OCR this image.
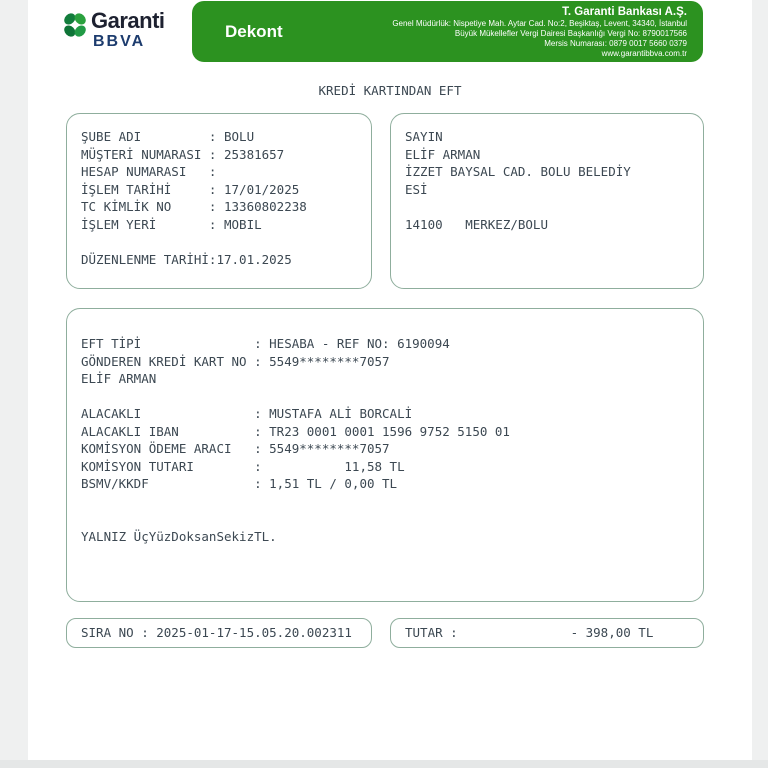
Garanti
BBVA
Dekont
T. Garanti Bankası A.Ş.
Genel Müdürlük: Nispetiye Mah. Aytar Cad. No:2, Beşiktaş, Levent, 34340, İstanbul
Büyük Mükellefler Vergi Dairesi Başkanlığı Vergi No: 8790017566
Mersis Numarası: 0879 0017 5660 0379
www.garantibbva.com.tr
KREDİ KARTINDAN EFT
ŞUBE ADI         : BOLU
MÜŞTERİ NUMARASI : 25381657
HESAP NUMARASI   :
İŞLEM TARİHİ     : 17/01/2025
TC KİMLİK NO     : 13360802238
İŞLEM YERİ       : MOBIL
DÜZENLENME TARİHİ:17.01.2025
SAYIN
ELİF ARMAN
İZZET BAYSAL CAD. BOLU BELEDİY
ESİ
14100   MERKEZ/BOLU
EFT TİPİ               : HESABA - REF NO: 6190094
GÖNDEREN KREDİ KART NO : 5549********7057
ELİF ARMAN
ALACAKLI               : MUSTAFA ALİ BORCALİ
ALACAKLI IBAN          : TR23 0001 0001 1596 9752 5150 01
KOMİSYON ÖDEME ARACI   : 5549********7057
KOMİSYON TUTARI        :           11,58 TL
BSMV/KKDF              : 1,51 TL / 0,00 TL
YALNIZ ÜçYüzDoksanSekizTL.
SIRA NO : 2025-01-17-15.05.20.002311	TUTAR :               - 398,00 TL
